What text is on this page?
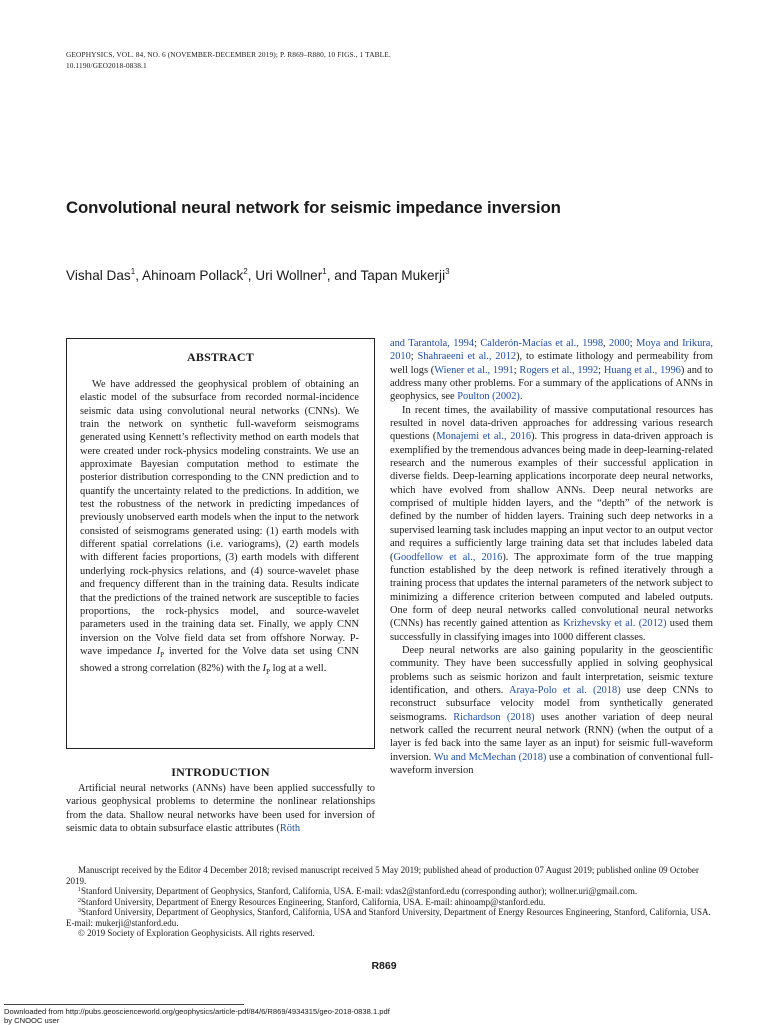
GEOPHYSICS, VOL. 84, NO. 6 (NOVEMBER-DECEMBER 2019); P. R869–R880, 10 FIGS., 1 TABLE.
10.1190/GEO2018-0838.1
Convolutional neural network for seismic impedance inversion
Vishal Das$^1$, Ahinoam Pollack$^2$, Uri Wollner$^1$, and Tapan Mukerji$^3$
ABSTRACT

We have addressed the geophysical problem of obtaining an elastic model of the subsurface from recorded normal-incidence seismic data using convolutional neural networks (CNNs). We train the network on synthetic full-waveform seismograms generated using Kennett’s reflectivity method on earth models that were created under rock-physics modeling constraints. We use an approximate Bayesian computation method to estimate the posterior distribution corresponding to the CNN prediction and to quantify the uncertainty related to the predictions. In addition, we test the robustness of the network in predicting impedances of previously unobserved earth models when the input to the network consisted of seismograms generated using: (1) earth models with different spatial correlations (i.e. variograms), (2) earth models with different facies proportions, (3) earth models with different underlying rock-physics relations, and (4) source-wavelet phase and frequency different than in the training data. Results indicate that the predictions of the trained network are susceptible to facies proportions, the rock-physics model, and source-wavelet parameters used in the training data set. Finally, we apply CNN inversion on the Volve field data set from offshore Norway. P-wave impedance $I_P$ inverted for the Volve data set using CNN showed a strong correlation (82%) with the $I_P$ log at a well.

INTRODUCTION

Artificial neural networks (ANNs) have been applied successfully to various geophysical problems to determine the nonlinear relationships from the data. Shallow neural networks have been used for inversion of seismic data to obtain subsurface elastic attributes (Röth

and Tarantola, 1994; Calderón-Macías et al., 1998, 2000; Moya and Irikura, 2010; Shahraeeni et al., 2012), to estimate lithology and permeability from well logs (Wiener et al., 1991; Rogers et al., 1992; Huang et al., 1996) and to address many other problems. For a summary of the applications of ANNs in geophysics, see Poulton (2002).

In recent times, the availability of massive computational resources has resulted in novel data-driven approaches for addressing various research questions (Monajemi et al., 2016). This progress in data-driven approach is exemplified by the tremendous advances being made in deep-learning-related research and the numerous examples of their successful application in diverse fields. Deep-learning applications incorporate deep neural networks, which have evolved from shallow ANNs. Deep neural networks are comprised of multiple hidden layers, and the “depth” of the network is defined by the number of hidden layers. Training such deep networks in a supervised learning task includes mapping an input vector to an output vector and requires a sufficiently large training data set that includes labeled data (Goodfellow et al., 2016). The approximate form of the true mapping function established by the deep network is refined iteratively through a training process that updates the internal parameters of the network subject to minimizing a difference criterion between computed and labeled outputs. One form of deep neural networks called convolutional neural networks (CNNs) has recently gained attention as Krizhevsky et al. (2012) used them successfully in classifying images into 1000 different classes.

Deep neural networks are also gaining popularity in the geoscientific community. They have been successfully applied in solving geophysical problems such as seismic horizon and fault interpretation, seismic texture identification, and others. Araya-Polo et al. (2018) use deep CNNs to reconstruct subsurface velocity model from synthetically generated seismograms. Richardson (2018) uses another variation of deep neural network called the recurrent neural network (RNN) (when the output of a layer is fed back into the same layer as an input) for seismic full-waveform inversion. Wu and McMechan (2018) use a combination of conventional full-waveform inversion

Manuscript received by the Editor 4 December 2018; revised manuscript received 5 May 2019; published ahead of production 07 August 2019; published online 09 October 2019.

$^1$Stanford University, Department of Geophysics, Stanford, California, USA. E-mail: vdas2@stanford.edu (corresponding author); wollner.uri@gmail.com.

$^2$Stanford University, Department of Energy Resources Engineering, Stanford, California, USA. E-mail: ahinoamp@stanford.edu.

$^3$Stanford University, Department of Geophysics, Stanford, California, USA and Stanford University, Department of Energy Resources Engineering, Stanford, California, USA. E-mail: mukerji@stanford.edu.

© 2019 Society of Exploration Geophysicists. All rights reserved.

R869
Downloaded from http://pubs.geoscienceworld.org/geophysics/article-pdf/84/6/R869/4934315/geo-2018-0838.1.pdf
by CNOOC user
